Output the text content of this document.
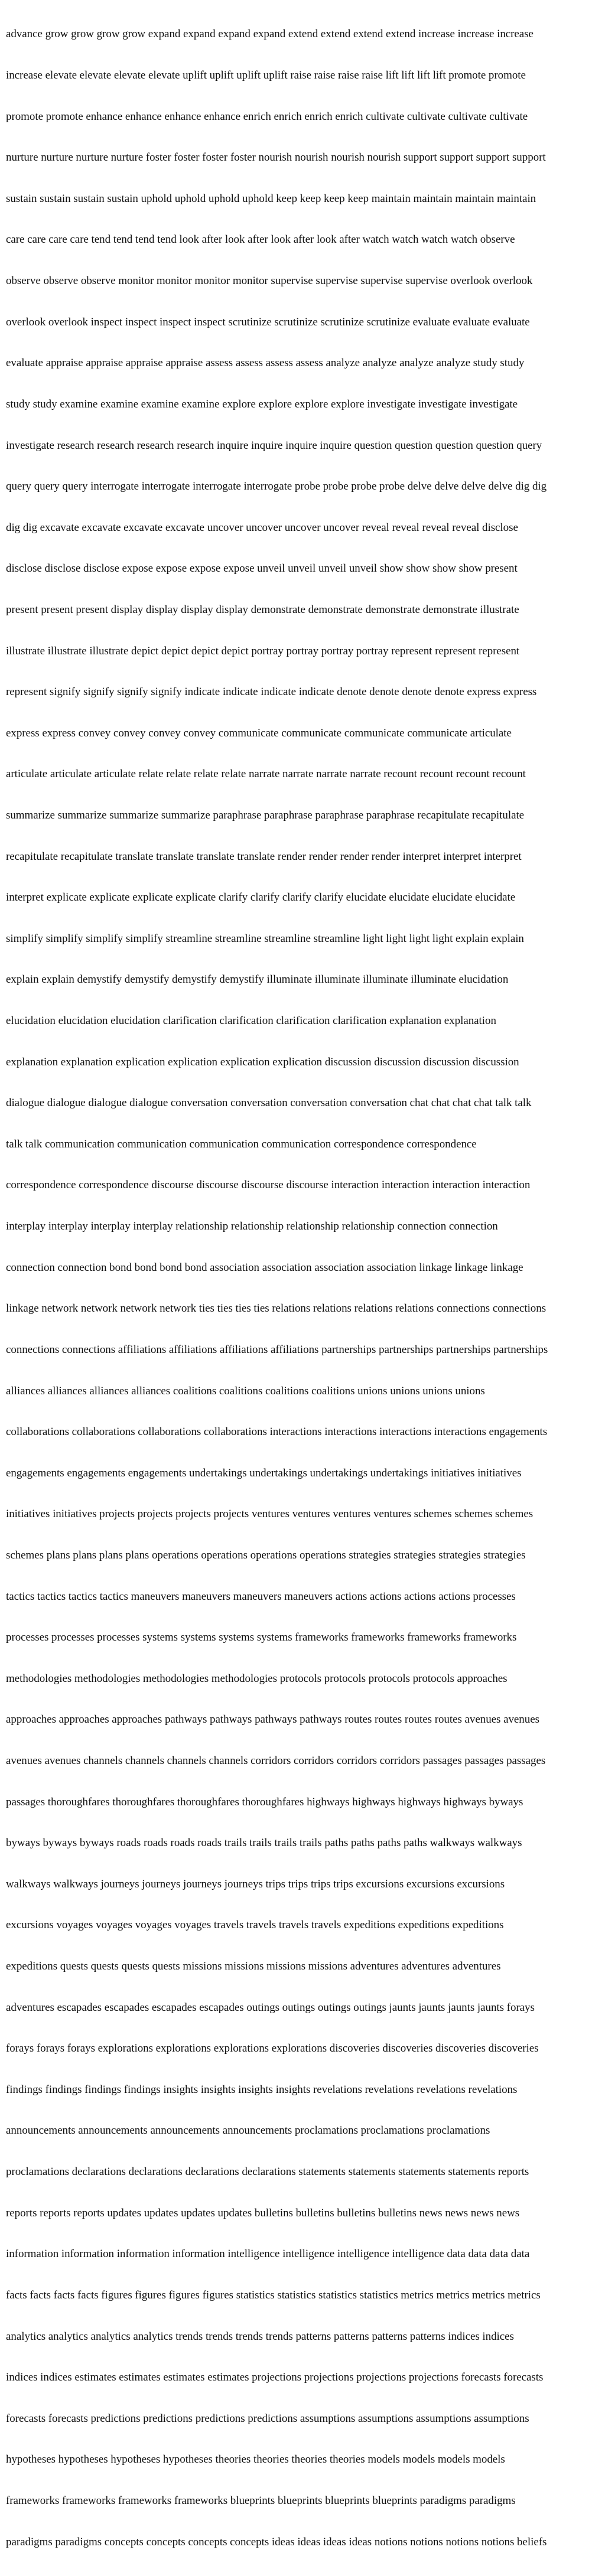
advance grow grow grow grow expand expand expand expand extend extend extend extend increase increase increase

increase elevate elevate elevate elevate uplift uplift uplift uplift raise raise raise raise lift lift lift lift promote promote

promote promote enhance enhance enhance enhance enrich enrich enrich enrich cultivate cultivate cultivate cultivate

nurture nurture nurture nurture foster foster foster foster nourish nourish nourish nourish support support support support

sustain sustain sustain sustain uphold uphold uphold uphold keep keep keep keep maintain maintain maintain maintain

care care care care tend tend tend tend look after look after look after look after watch watch watch watch observe

observe observe observe monitor monitor monitor monitor supervise supervise supervise supervise overlook overlook

overlook overlook inspect inspect inspect inspect scrutinize scrutinize scrutinize scrutinize evaluate evaluate evaluate

evaluate appraise appraise appraise appraise assess assess assess assess analyze analyze analyze analyze study study

study study examine examine examine examine explore explore explore explore investigate investigate investigate

investigate research research research research inquire inquire inquire inquire question question question question query

query query query interrogate interrogate interrogate interrogate probe probe probe probe delve delve delve delve dig dig

dig dig excavate excavate excavate excavate uncover uncover uncover uncover reveal reveal reveal reveal disclose

disclose disclose disclose expose expose expose expose unveil unveil unveil unveil show show show show present

present present present display display display display demonstrate demonstrate demonstrate demonstrate illustrate

illustrate illustrate illustrate depict depict depict depict portray portray portray portray represent represent represent

represent signify signify signify signify indicate indicate indicate indicate denote denote denote denote express express

express express convey convey convey convey communicate communicate communicate communicate articulate

articulate articulate articulate relate relate relate relate narrate narrate narrate narrate recount recount recount recount

summarize summarize summarize summarize paraphrase paraphrase paraphrase paraphrase recapitulate recapitulate

recapitulate recapitulate translate translate translate translate render render render render interpret interpret interpret

interpret explicate explicate explicate explicate clarify clarify clarify clarify elucidate elucidate elucidate elucidate

simplify simplify simplify simplify streamline streamline streamline streamline light light light light explain explain

explain explain demystify demystify demystify demystify illuminate illuminate illuminate illuminate elucidation

elucidation elucidation elucidation clarification clarification clarification clarification explanation explanation

explanation explanation explication explication explication explication discussion discussion discussion discussion

dialogue dialogue dialogue dialogue conversation conversation conversation conversation chat chat chat chat talk talk

talk talk communication communication communication communication correspondence correspondence

correspondence correspondence discourse discourse discourse discourse interaction interaction interaction interaction

interplay interplay interplay interplay relationship relationship relationship relationship connection connection

connection connection bond bond bond bond association association association association linkage linkage linkage

linkage network network network network ties ties ties ties relations relations relations relations connections connections

connections connections affiliations affiliations affiliations affiliations partnerships partnerships partnerships partnerships

alliances alliances alliances alliances coalitions coalitions coalitions coalitions unions unions unions unions

collaborations collaborations collaborations collaborations interactions interactions interactions interactions engagements

engagements engagements engagements undertakings undertakings undertakings undertakings initiatives initiatives

initiatives initiatives projects projects projects projects ventures ventures ventures ventures schemes schemes schemes

schemes plans plans plans plans operations operations operations operations strategies strategies strategies strategies

tactics tactics tactics tactics maneuvers maneuvers maneuvers maneuvers actions actions actions actions processes

processes processes processes systems systems systems systems frameworks frameworks frameworks frameworks

methodologies methodologies methodologies methodologies protocols protocols protocols protocols approaches

approaches approaches approaches pathways pathways pathways pathways routes routes routes routes avenues avenues

avenues avenues channels channels channels channels corridors corridors corridors corridors passages passages passages

passages thoroughfares thoroughfares thoroughfares thoroughfares highways highways highways highways byways

byways byways byways roads roads roads roads trails trails trails trails paths paths paths paths walkways walkways

walkways walkways journeys journeys journeys journeys trips trips trips trips excursions excursions excursions

excursions voyages voyages voyages voyages travels travels travels travels expeditions expeditions expeditions

expeditions quests quests quests quests missions missions missions missions adventures adventures adventures

adventures escapades escapades escapades escapades outings outings outings outings jaunts jaunts jaunts jaunts forays

forays forays forays explorations explorations explorations explorations discoveries discoveries discoveries discoveries

findings findings findings findings insights insights insights insights revelations revelations revelations revelations

announcements announcements announcements announcements proclamations proclamations proclamations

proclamations declarations declarations declarations declarations statements statements statements statements reports

reports reports reports updates updates updates updates bulletins bulletins bulletins bulletins news news news news

information information information information intelligence intelligence intelligence intelligence data data data data

facts facts facts facts figures figures figures figures statistics statistics statistics statistics metrics metrics metrics metrics

analytics analytics analytics analytics trends trends trends trends patterns patterns patterns patterns indices indices

indices indices estimates estimates estimates estimates projections projections projections projections forecasts forecasts

forecasts forecasts predictions predictions predictions predictions assumptions assumptions assumptions assumptions

hypotheses hypotheses hypotheses hypotheses theories theories theories theories models models models models

frameworks frameworks frameworks frameworks blueprints blueprints blueprints blueprints paradigms paradigms

paradigms paradigms concepts concepts concepts concepts ideas ideas ideas ideas notions notions notions notions beliefs
